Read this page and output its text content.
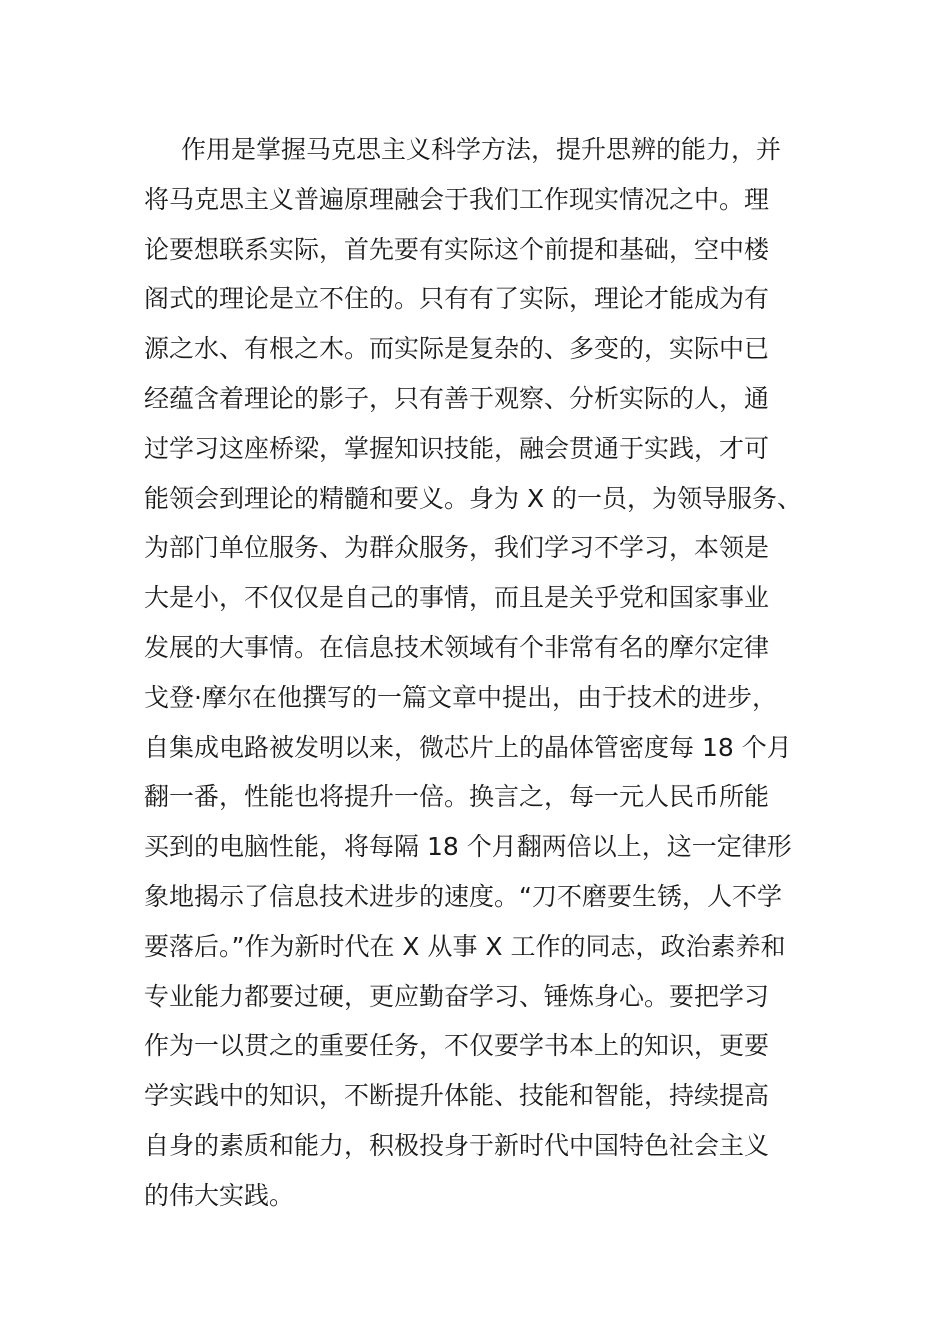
作用是掌握马克思主义科学方法，提升思辨的能力，并
将马克思主义普遍原理融会于我们工作现实情况之中。理
论要想联系实际，首先要有实际这个前提和基础，空中楼
阁式的理论是立不住的。只有有了实际，理论才能成为有
源之水、有根之木。而实际是复杂的、多变的，实际中已
经蕴含着理论的影子，只有善于观察、分析实际的人，通
过学习这座桥梁，掌握知识技能，融会贯通于实践，才可
能领会到理论的精髓和要义。身为 X 的一员，为领导服务、
为部门单位服务、为群众服务，我们学习不学习，本领是
大是小，不仅仅是自己的事情，而且是关乎党和国家事业
发展的大事情。在信息技术领域有个非常有名的摩尔定律
戈登·摩尔在他撰写的一篇文章中提出，由于技术的进步，
自集成电路被发明以来，微芯片上的晶体管密度每 18 个月
翻一番，性能也将提升一倍。换言之，每一元人民币所能
买到的电脑性能，将每隔 18 个月翻两倍以上，这一定律形
象地揭示了信息技术进步的速度。“刀不磨要生锈，人不学
要落后。”作为新时代在 X 从事 X 工作的同志，政治素养和
专业能力都要过硬，更应勤奋学习、锤炼身心。要把学习
作为一以贯之的重要任务，不仅要学书本上的知识，更要
学实践中的知识，不断提升体能、技能和智能，持续提高
自身的素质和能力，积极投身于新时代中国特色社会主义
的伟大实践。
